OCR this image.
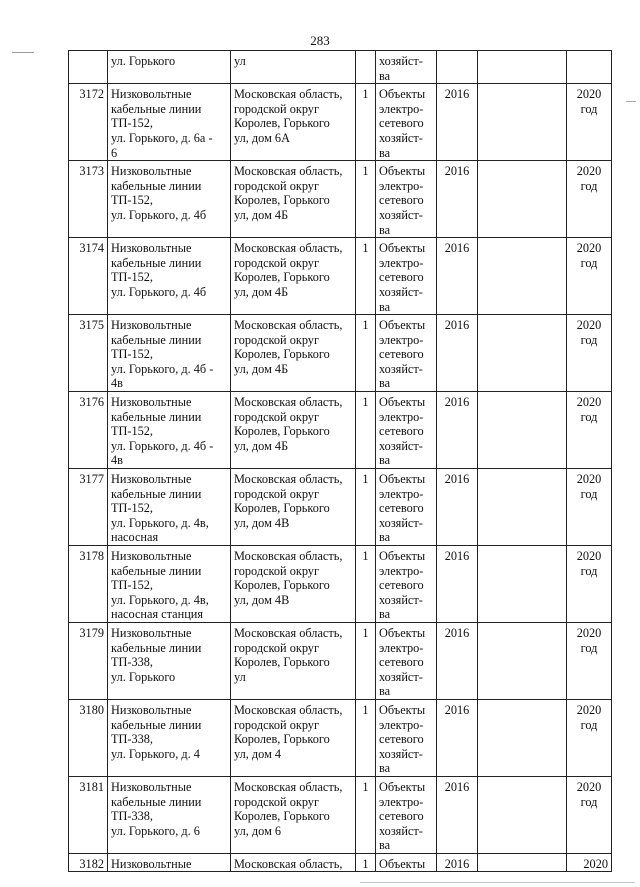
283

	ул. Горького	ул		хозяйст-
ва			

3172	Низковольтные
кабельные линии
ТП-152,
ул. Горького, д. 6а -
6	Московская область,
городской округ
Королев, Горького
ул, дом 6А	1	Объекты
электро-
сетевого
хозяйст-
ва	2016		2020год
3173	Низковольтные
кабельные линии
ТП-152,
ул. Горького, д. 4б	Московская область,
городской округ
Королев, Горького
ул, дом 4Б	1	Объекты
электро-
сетевого
хозяйст-
ва	2016		2020год
3174	Низковольтные
кабельные линии
ТП-152,
ул. Горького, д. 4б	Московская область,
городской округ
Королев, Горького
ул, дом 4Б	1	Объекты
электро-
сетевого
хозяйст-
ва	2016		2020год
3175	Низковольтные
кабельные линии
ТП-152,
ул. Горького, д. 4б -
4в	Московская область,
городской округ
Королев, Горького
ул, дом 4Б	1	Объекты
электро-
сетевого
хозяйст-
ва	2016		2020год
3176	Низковольтные
кабельные линии
ТП-152,
ул. Горького, д. 4б -
4в	Московская область,
городской округ
Королев, Горького
ул, дом 4Б	1	Объекты
электро-
сетевого
хозяйст-
ва	2016		2020год
3177	Низковольтные
кабельные линии
ТП-152,
ул. Горького, д. 4в,
насосная	Московская область,
городской округ
Королев, Горького
ул, дом 4В	1	Объекты
электро-
сетевого
хозяйст-
ва	2016		2020год
3178	Низковольтные
кабельные линии
ТП-152,
ул. Горького, д. 4в,
насосная станция	Московская область,
городской округ
Королев, Горького
ул, дом 4В	1	Объекты
электро-
сетевого
хозяйст-
ва	2016		2020год
3179	Низковольтные
кабельные линии
ТП-338,
ул. Горького	Московская область,
городской округ
Королев, Горького
ул	1	Объекты
электро-
сетевого
хозяйст-
ва	2016		2020год
3180	Низковольтные
кабельные линии
ТП-338,
ул. Горького, д. 4	Московская область,
городской округ
Королев, Горького
ул, дом 4	1	Объекты
электро-
сетевого
хозяйст-
ва	2016		2020год
3181	Низковольтные
кабельные линии
ТП-338,
ул. Горького, д. 6	Московская область,
городской округ
Королев, Горького
ул, дом 6	1	Объекты
электро-
сетевого
хозяйст-
ва	2016		2020год
3182	Низковольтные	Московская область,	1	Объекты	2016		2020
